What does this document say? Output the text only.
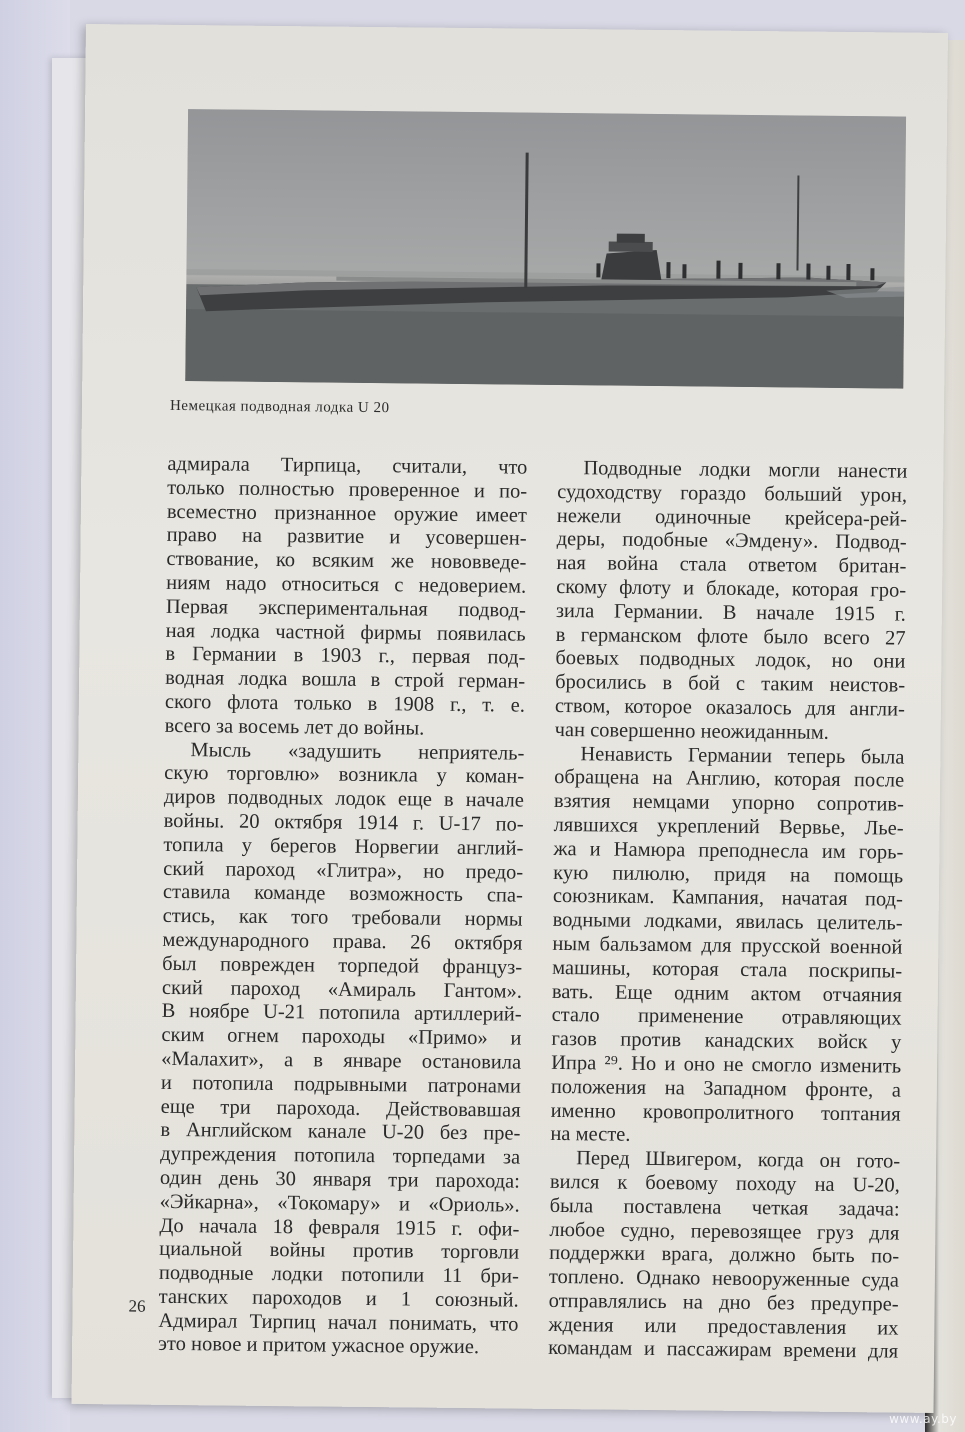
Немецкая подводная лодка U 20
адмирала Тирпица, считали, что
только полностью проверенное и по-
всеместно признанное оружие имеет
право на развитие и усовершен-
ствование, ко всяким же нововведе-
ниям надо относиться с недоверием.
Первая экспериментальная подвод-
ная лодка частной фирмы появилась
в Германии в 1903 г., первая под-
водная лодка вошла в строй герман-
ского флота только в 1908 г., т. е.
всего за восемь лет до войны.
Мысль «задушить неприятель-
скую торговлю» возникла у коман-
диров подводных лодок еще в начале
войны. 20 октября 1914 г. U-17 по-
топила у берегов Норвегии англий-
ский пароход «Глитра», но предо-
ставила команде возможность спа-
стись, как того требовали нормы
международного права. 26 октября
был поврежден торпедой француз-
ский пароход «Амираль Гантом».
В ноябре U-21 потопила артиллерий-
ским огнем пароходы «Примо» и
«Малахит», а в январе остановила
и потопила подрывными патронами
еще три парохода. Действовавшая
в Английском канале U-20 без пре-
дупреждения потопила торпедами за
один день 30 января три парохода:
«Эйкарна», «Токомару» и «Ориоль».
До начала 18 февраля 1915 г. офи-
циальной войны против торговли
подводные лодки потопили 11 бри-
танских пароходов и 1 союзный.
Адмирал Тирпиц начал понимать, что
это новое и притом ужасное оружие.
Подводные лодки могли нанести
судоходству гораздо больший урон,
нежели одиночные крейсера-рей-
деры, подобные «Эмдену». Подвод-
ная война стала ответом британ-
скому флоту и блокаде, которая гро-
зила Германии. В начале 1915 г.
в германском флоте было всего 27
боевых подводных лодок, но они
бросились в бой с таким неистов-
ством, которое оказалось для англи-
чан совершенно неожиданным.
Ненависть Германии теперь была
обращена на Англию, которая после
взятия немцами упорно сопротив-
лявшихся укреплений Вервье, Лье-
жа и Намюра преподнесла им горь-
кую пилюлю, придя на помощь
союзникам. Кампания, начатая под-
водными лодками, явилась целитель-
ным бальзамом для прусской военной
машины, которая стала поскрипы-
вать. Еще одним актом отчаяния
стало применение отравляющих
газов против канадских войск у
Ипра ²⁹. Но и оно не смогло изменить
положения на Западном фронте, а
именно кровопролитного топтания
на месте.
Перед Швигером, когда он гото-
вился к боевому походу на U-20,
была поставлена четкая задача:
любое судно, перевозящее груз для
поддержки врага, должно быть по-
топлено. Однако невооруженные суда
отправлялись на дно без предупре-
ждения или предоставления их
командам и пассажирам времени для
26
www.ay.by
